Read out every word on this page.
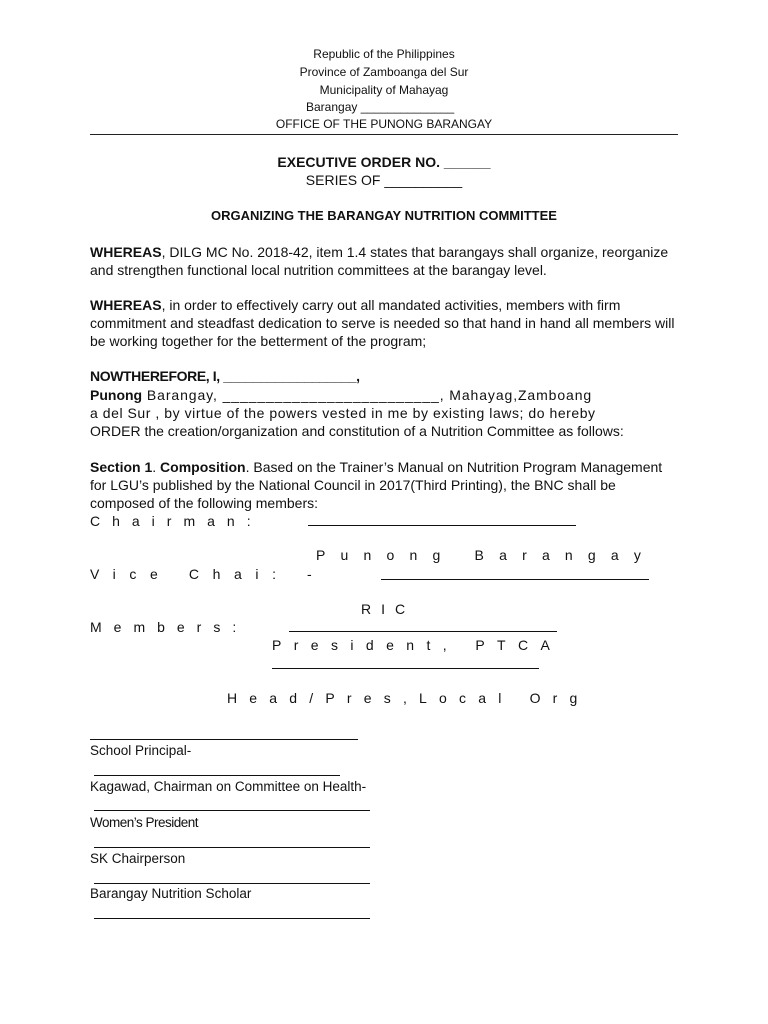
Republic of the Philippines
Province of Zamboanga del Sur
Municipality of Mahayag
Barangay ______________
OFFICE OF THE PUNONG BARANGAY
EXECUTIVE ORDER NO. ______
SERIES OF __________
ORGANIZING THE BARANGAY NUTRITION COMMITTEE
WHEREAS, DILG MC No. 2018-42, item 1.4 states that barangays shall organize, reorganize and strengthen functional local nutrition committees at the barangay level.
WHEREAS, in order to effectively carry out all mandated activities, members with firm commitment and steadfast dedication to serve is needed so that hand in hand all members will be working together for the betterment of the program;
NOWTHEREFORE, I, __________________,
Punong Barangay, _________________________, Mahayag,Zamboang
a del Sur , by virtue of the powers vested in me by existing laws; do hereby
ORDER the creation/organization and constitution of a Nutrition Committee as follows:
Section 1. Composition. Based on the Trainer’s Manual on Nutrition Program Management for LGU’s published by the National Council in 2017(Third Printing), the BNC shall be composed of the following members:
Chairman:
Punong Barangay
Vice Chai: -
RIC
Members:
President, PTCA
Head/Pres,Local Org
School Principal-
Kagawad, Chairman on Committee on Health-
Women’s President
SK Chairperson
Barangay Nutrition Scholar
